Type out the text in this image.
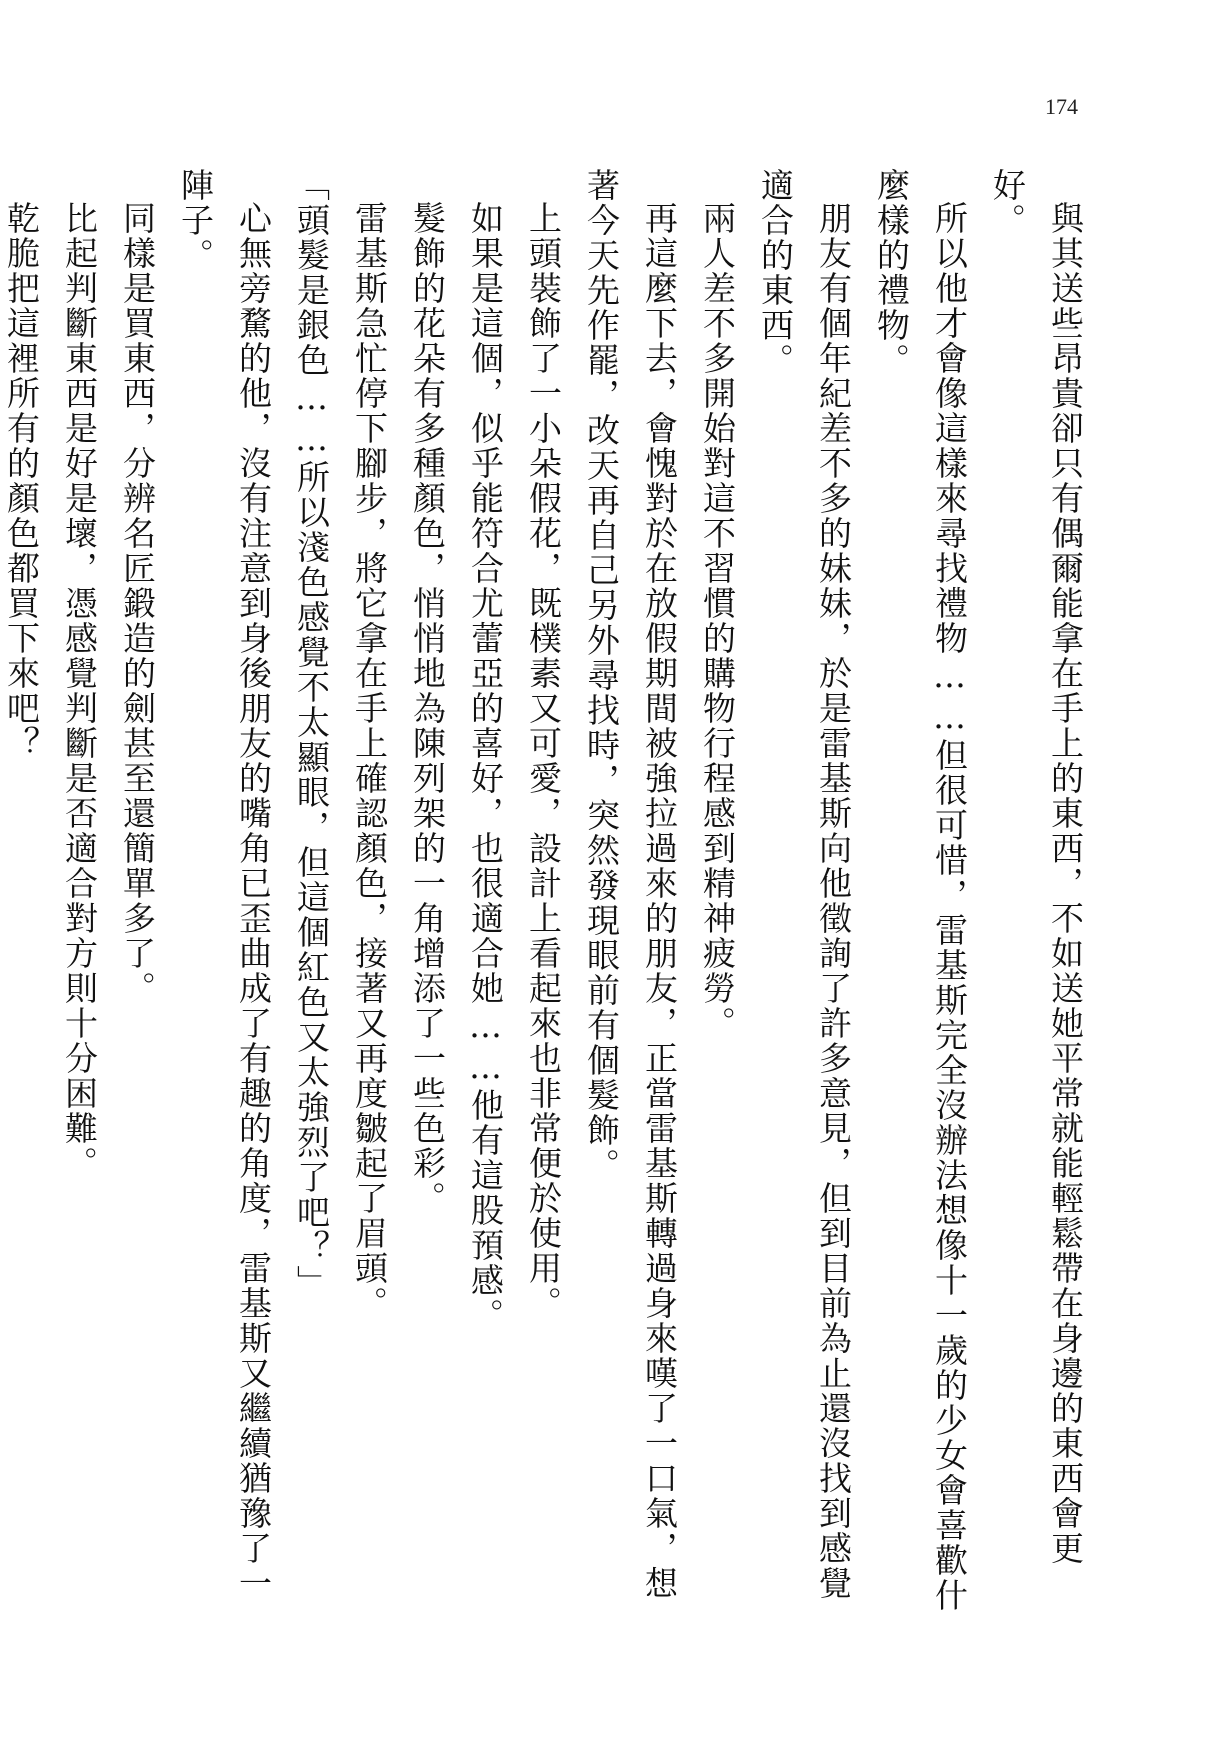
174

與其送些昂貴卻只有偶爾能拿在手上的東西，不如送她平常就能輕鬆帶在身邊的東西會更好。

所以他才會像這樣來尋找禮物……但很可惜，雷基斯完全沒辦法想像十一歲的少女會喜歡什麼樣的禮物。

朋友有個年紀差不多的妹妹，於是雷基斯向他徵詢了許多意見，但到目前為止還沒找到感覺適合的東西。

兩人差不多開始對這不習慣的購物行程感到精神疲勞。

再這麼下去，會愧對於在放假期間被強拉過來的朋友，正當雷基斯轉過身來嘆了一口氣，想著今天先作罷，改天再自己另外尋找時，突然發現眼前有個髮飾。

上頭裝飾了一小朵假花，既樸素又可愛，設計上看起來也非常便於使用。

如果是這個，似乎能符合尤蕾亞的喜好，也很適合她……他有這股預感。

髮飾的花朵有多種顏色，悄悄地為陳列架的一角增添了一些色彩。

雷基斯急忙停下腳步，將它拿在手上確認顏色，接著又再度皺起了眉頭。

「頭髮是銀色……所以淺色感覺不太顯眼，但這個紅色又太強烈了吧？」

心無旁騖的他，沒有注意到身後朋友的嘴角已歪曲成了有趣的角度，雷基斯又繼續猶豫了一陣子。

同樣是買東西，分辨名匠鍛造的劍甚至還簡單多了。

比起判斷東西是好是壞，憑感覺判斷是否適合對方則十分困難。

乾脆把這裡所有的顏色都買下來吧？
